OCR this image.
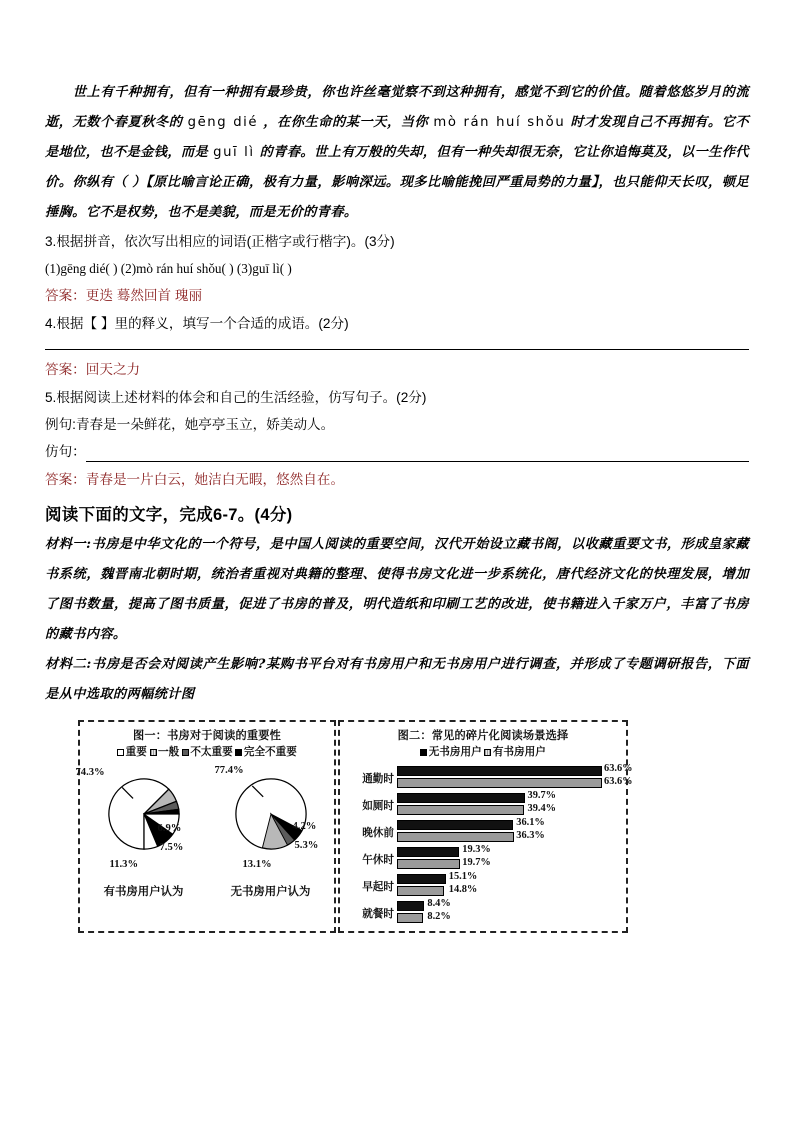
世上有千种拥有，但有一种拥有最珍贵，你也许丝毫觉察不到这种拥有，感觉不到它的价值。随着悠悠岁月的流逝，无数个春夏秋冬的 gēng dié ，在你生命的某一天，当你 mò rán huí shǒu 时才发现自己不再拥有。它不是地位，也不是金钱，而是 guī lì 的青春。世上有万般的失却，但有一种失却很无奈，它让你追悔莫及，以一生作代价。你纵有（ ）【原比喻言论正确，极有力量，影响深远。现多比喻能挽回严重局势的力量】，也只能仰天长叹，顿足捶胸。它不是权势，也不是美貌，而是无价的青春。
3.根据拼音，依次写出相应的词语(正楷字或行楷字)。(3分)
(1)gēng dié( ) (2)mò rán huí shǒu( ) (3)guī lì( )
答案：更迭 蓦然回首 瑰丽
4.根据【 】里的释义，填写一个合适的成语。(2分)
答案：回天之力
5.根据阅读上述材料的体会和自己的生活经验，仿写句子。(2分)
例句:青春是一朵鲜花，她亭亭玉立，娇美动人。
仿句：
答案：青春是一片白云，她洁白无暇，悠然自在。
阅读下面的文字，完成6-7。(4分)
材料一:书房是中华文化的一个符号，是中国人阅读的重要空间，汉代开始设立藏书阁，以收藏重要文书，形成皇家藏书系统，魏晋南北朝时期，统治者重视对典籍的整理、使得书房文化进一步系统化，唐代经济文化的快理发展，增加了图书数量，提高了图书质量，促进了书房的普及，明代造纸和印刷工艺的改进，使书籍进入千家万户，丰富了书房的藏书内容。
材料二:书房是否会对阅读产生影响?某购书平台对有书房用户和无书房用户进行调查，并形成了专题调研报告，下面是从中选取的两幅统计图
图一：书房对于阅读的重要性
重要 一般 不太重要 完全不重要
74.3%
6.9%
7.5%
11.3%
有书房用户认为
77.4%
4.2%
5.3%
13.1%
无书房用户认为
图二：常见的碎片化阅读场景选择
无书房用户 有书房用户
通勤时
63.6%
63.6%
如厕时
39.7%
39.4%
晚休前
36.1%
36.3%
午休时
19.3%
19.7%
早起时
15.1%
14.8%
就餐时
8.4%
8.2%
